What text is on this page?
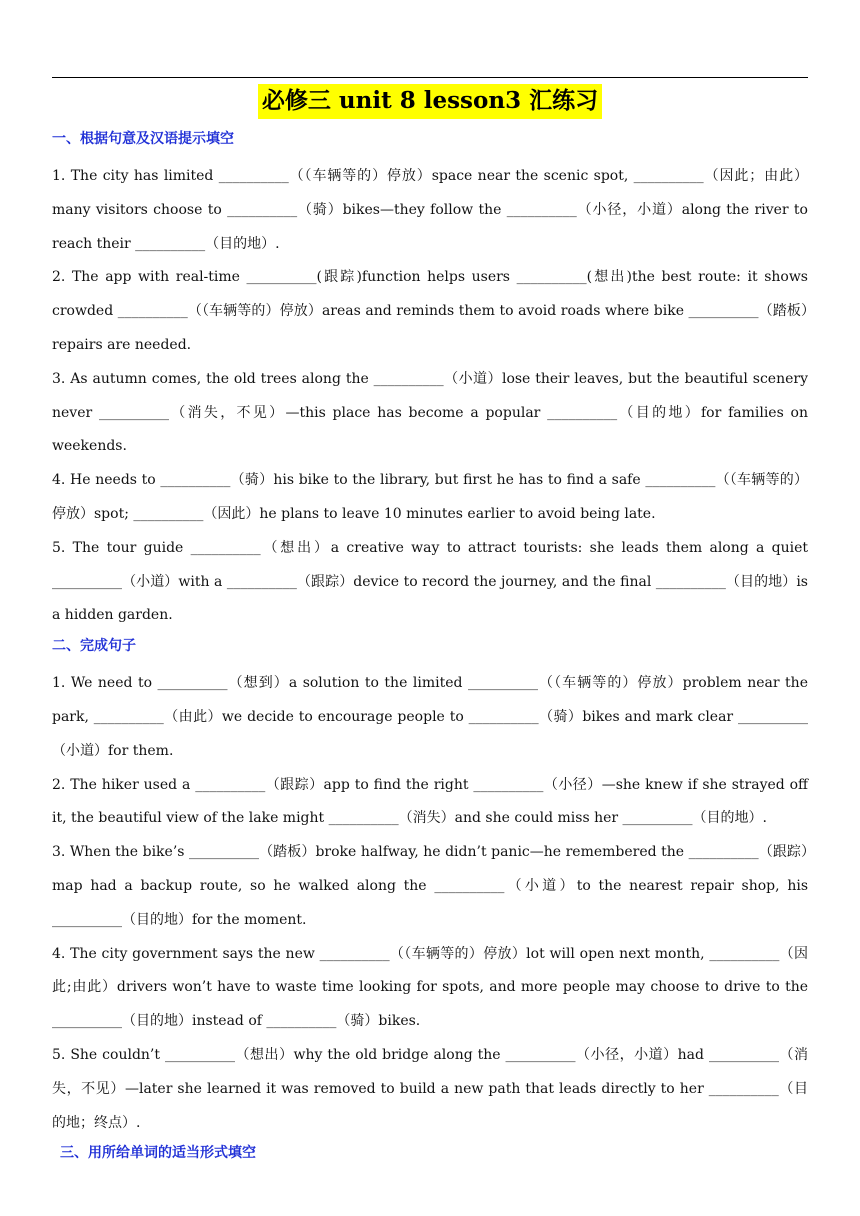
必修三 unit 8 lesson3 汇练习
一、根据句意及汉语提示填空
1. The city has limited __________（（车辆等的）停放）space near the scenic spot, __________（因此；由此）many visitors choose to __________（骑）bikes—they follow the __________（小径，小道）along the river to reach their __________（目的地）.
2. The app with real-time __________(跟踪)function helps users __________(想出)the best route: it shows crowded __________（（车辆等的）停放）areas and reminds them to avoid roads where bike __________（踏板）repairs are needed.
3. As autumn comes, the old trees along the __________（小道）lose their leaves, but the beautiful scenery never __________（消失，不见）—this place has become a popular __________（目的地）for families on weekends.
4. He needs to __________（骑）his bike to the library, but first he has to find a safe __________（（车辆等的）停放）spot; __________（因此）he plans to leave 10 minutes earlier to avoid being late.
5. The tour guide __________（想出）a creative way to attract tourists: she leads them along a quiet __________（小道）with a __________（跟踪）device to record the journey, and the final __________（目的地）is a hidden garden.
二、完成句子
1. We need to __________（想到）a solution to the limited __________（（车辆等的）停放）problem near the park, __________（由此）we decide to encourage people to __________（骑）bikes and mark clear __________（小道）for them.
2. The hiker used a __________（跟踪）app to find the right __________（小径）—she knew if she strayed off it, the beautiful view of the lake might __________（消失）and she could miss her __________（目的地）.
3. When the bike’s __________（踏板）broke halfway, he didn’t panic—he remembered the __________（跟踪）map had a backup route, so he walked along the __________（小道）to the nearest repair shop, his __________（目的地）for the moment.
4. The city government says the new __________（（车辆等的）停放）lot will open next month, __________（因此;由此）drivers won’t have to waste time looking for spots, and more people may choose to drive to the __________（目的地）instead of __________（骑）bikes.
5. She couldn’t __________（想出）why the old bridge along the __________（小径，小道）had __________（消失，不见）—later she learned it was removed to build a new path that leads directly to her __________（目的地；终点）.
三、用所给单词的适当形式填空
